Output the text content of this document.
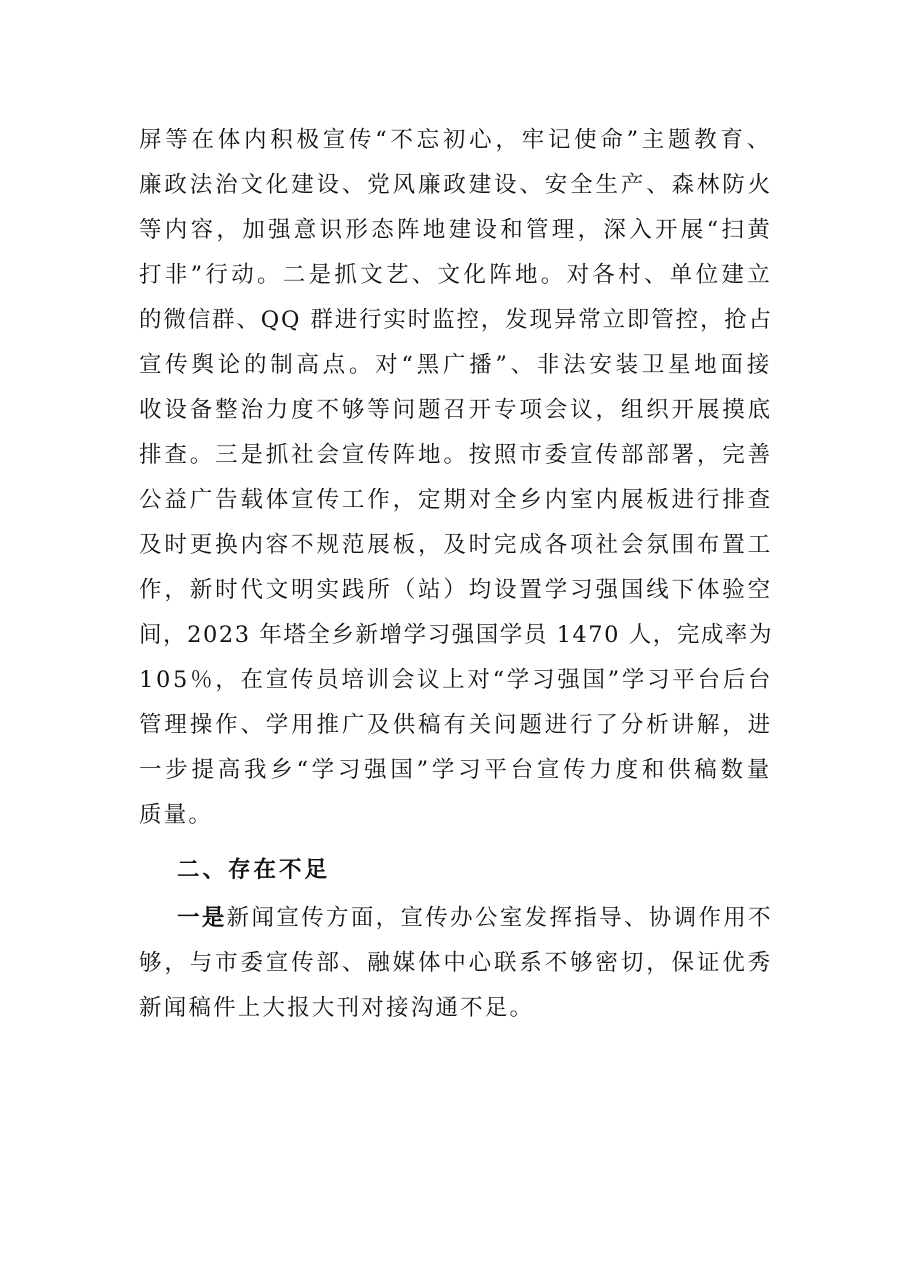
屏等在体内积极宣传“不忘初心，牢记使命”主题教育、
廉政法治文化建设、党风廉政建设、安全生产、森林防火
等内容，加强意识形态阵地建设和管理，深入开展“扫黄
打非”行动。二是抓文艺、文化阵地。对各村、单位建立
的微信群、QQ 群进行实时监控，发现异常立即管控，抢占
宣传舆论的制高点。对“黑广播”、非法安装卫星地面接
收设备整治力度不够等问题召开专项会议，组织开展摸底
排查。三是抓社会宣传阵地。按照市委宣传部部署，完善
公益广告载体宣传工作，定期对全乡内室内展板进行排查
及时更换内容不规范展板，及时完成各项社会氛围布置工
作，新时代文明实践所（站）均设置学习强国线下体验空
间，2023 年塔全乡新增学习强国学员 1470 人，完成率为
105％，在宣传员培训会议上对“学习强国”学习平台后台
管理操作、学用推广及供稿有关问题进行了分析讲解，进
一步提高我乡“学习强国”学习平台宣传力度和供稿数量
质量。
二、存在不足
一是新闻宣传方面，宣传办公室发挥指导、协调作用不
够，与市委宣传部、融媒体中心联系不够密切，保证优秀
新闻稿件上大报大刊对接沟通不足。
